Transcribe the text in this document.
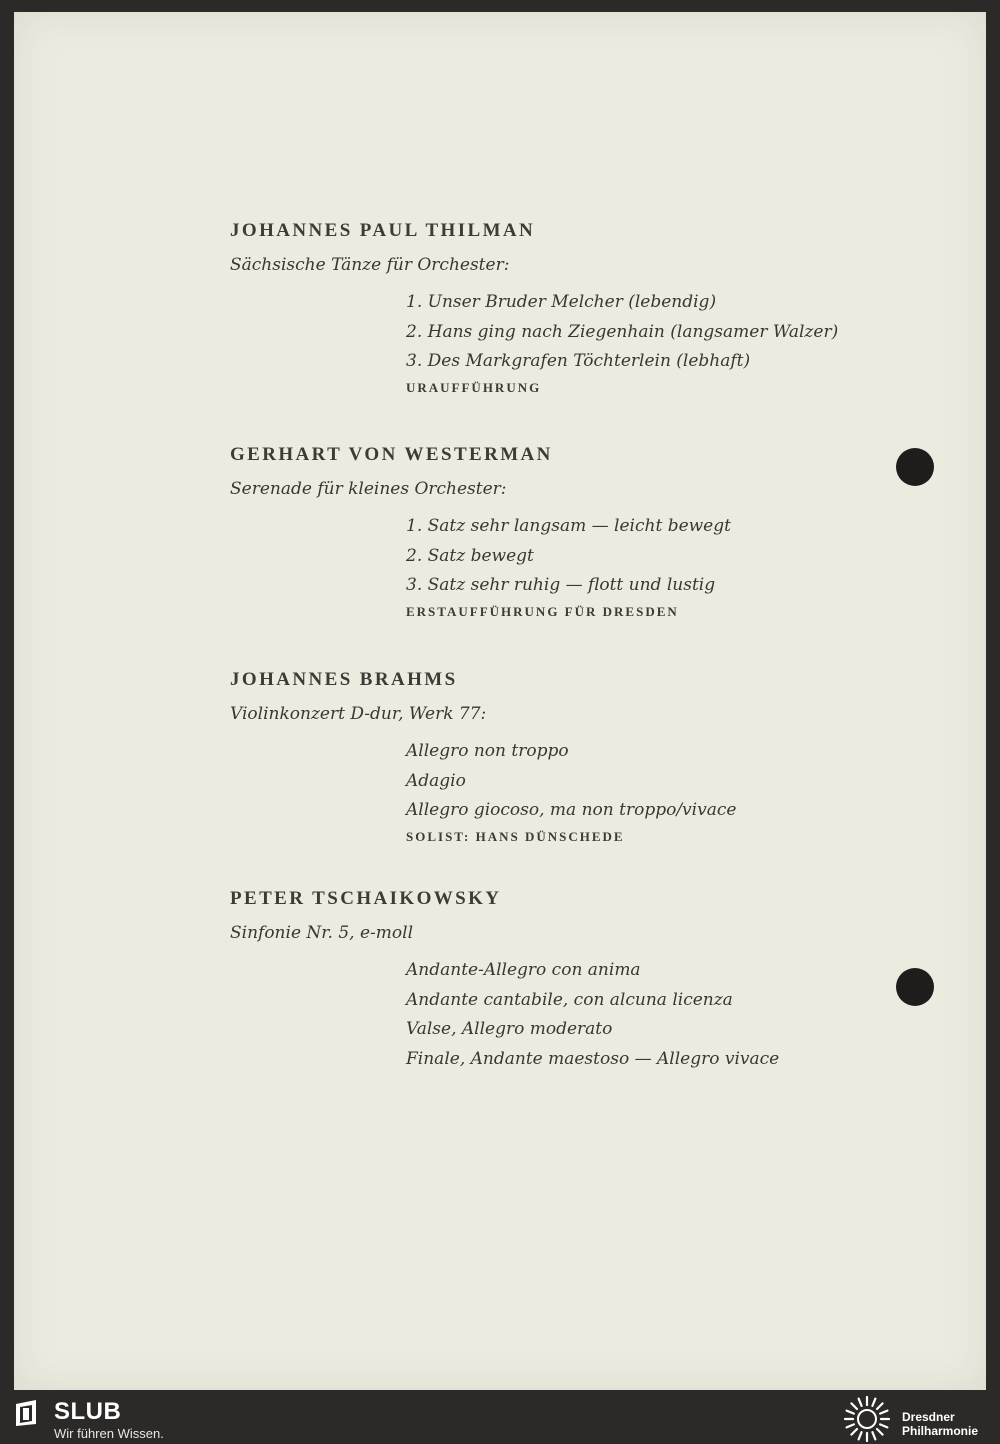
JOHANNES PAUL THILMAN
Sächsische Tänze für Orchester:
1. Unser Bruder Melcher (lebendig)
2. Hans ging nach Ziegenhain (langsamer Walzer)
3. Des Markgrafen Töchterlein (lebhaft)
URAUFFÜHRUNG
GERHART VON WESTERMAN
Serenade für kleines Orchester:
1. Satz sehr langsam — leicht bewegt
2. Satz bewegt
3. Satz sehr ruhig — flott und lustig
ERSTAUFFÜHRUNG FÜR DRESDEN
JOHANNES BRAHMS
Violinkonzert D-dur, Werk 77:
Allegro non troppo
Adagio
Allegro giocoso, ma non troppo/vivace
SOLIST: HANS DÜNSCHEDE
PETER TSCHAIKOWSKY
Sinfonie Nr. 5, e-moll
Andante-Allegro con anima
Andante cantabile, con alcuna licenza
Valse, Allegro moderato
Finale, Andante maestoso — Allegro vivace
SLUB
Wir führen Wissen.
Dresdner
Philharmonie
